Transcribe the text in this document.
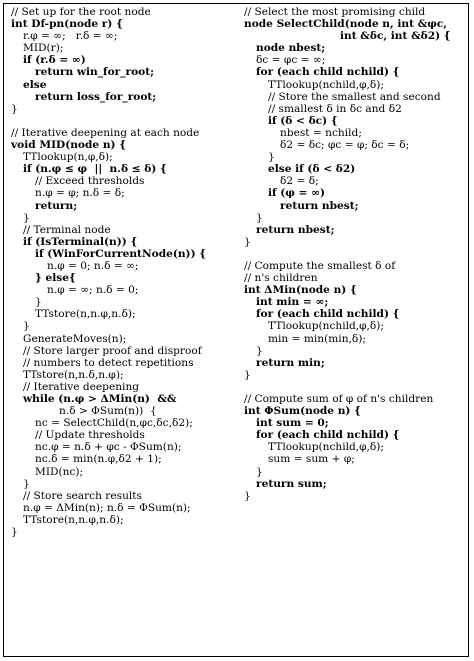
// Set up for the root node
int Df-pn(node r) {
r.φ = ∞;   r.δ = ∞;
MID(r);
if (r.δ = ∞)
return win_for_root;
else
return loss_for_root;
}
// Iterative deepening at each node
void MID(node n) {
TTlookup(n,φ,δ);
if (n.φ ≤ φ  ||  n.δ ≤ δ) {
// Exceed thresholds
n.φ = φ; n.δ = δ;
return;
}
// Terminal node
if (IsTerminal(n)) {
if (WinForCurrentNode(n)) {
n.φ = 0; n.δ = ∞;
} else{
n.φ = ∞; n.δ = 0;
}
TTstore(n,n.φ,n.δ);
}
GenerateMoves(n);
// Store larger proof and disproof
// numbers to detect repetitions
TTstore(n,n.δ,n.φ);
// Iterative deepening
while (n.φ > ΔMin(n)  &&
n.δ > ΦSum(n))  {
nc = SelectChild(n,φc,δc,δ2);
// Update thresholds
nc.φ = n.δ + φc - ΦSum(n);
nc.δ = min(n.φ,δ2 + 1);
MID(nc);
}
// Store search results
n.φ = ΔMin(n); n.δ = ΦSum(n);
TTstore(n,n.φ,n.δ);
}
// Select the most promising child
node SelectChild(node n, int &φc,
int &δc, int &δ2) {
node nbest;
δc = φc = ∞;
for (each child nchild) {
TTlookup(nchild,φ,δ);
// Store the smallest and second
// smallest δ in δc and δ2
if (δ < δc) {
nbest = nchild;
δ2 = δc; φc = φ; δc = δ;
}
else if (δ < δ2)
δ2 = δ;
if (φ = ∞)
return nbest;
}
return nbest;
}
// Compute the smallest δ of
// n's children
int ΔMin(node n) {
int min = ∞;
for (each child nchild) {
TTlookup(nchild,φ,δ);
min = min(min,δ);
}
return min;
}
// Compute sum of φ of n's children
int ΦSum(node n) {
int sum = 0;
for (each child nchild) {
TTlookup(nchild,φ,δ);
sum = sum + φ;
}
return sum;
}
